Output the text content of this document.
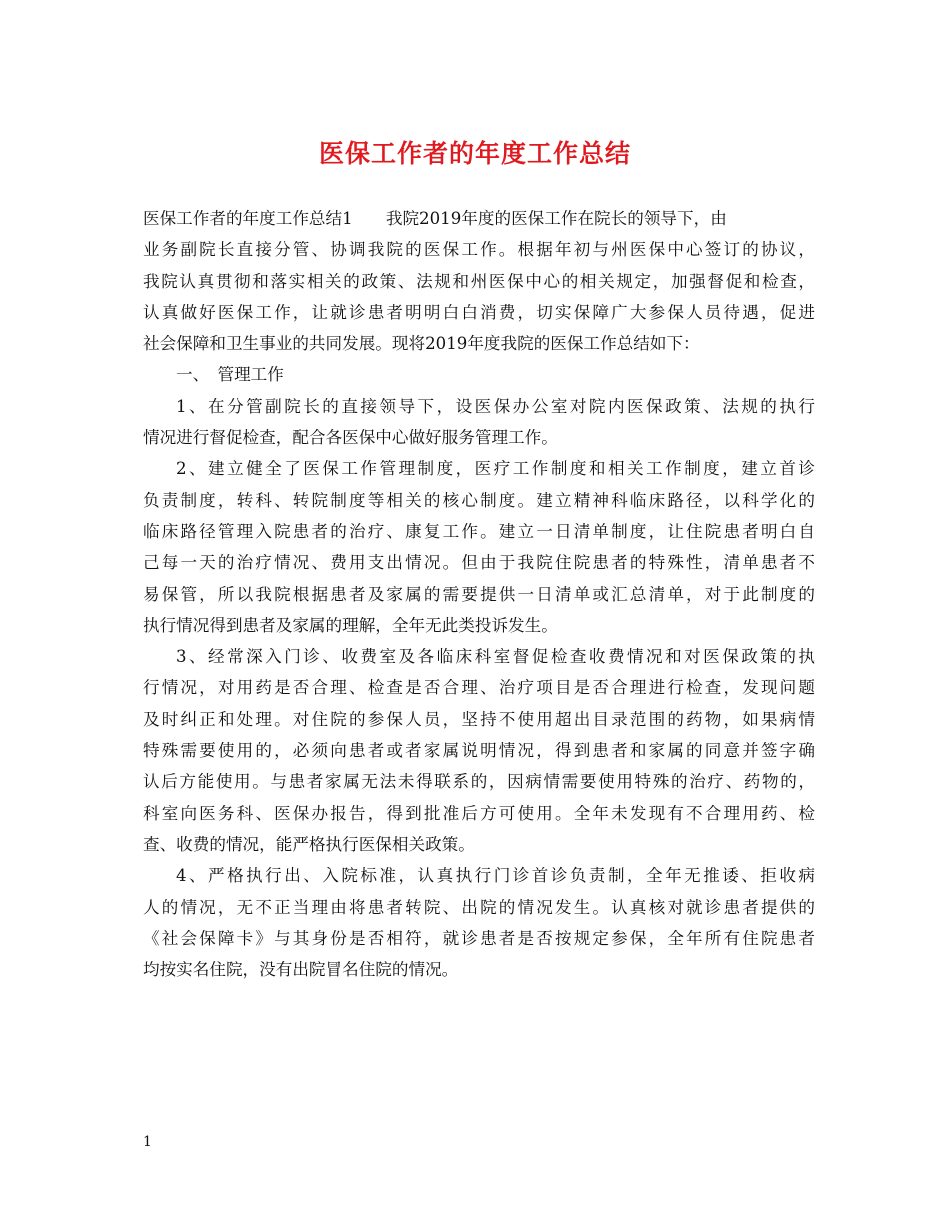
医保工作者的年度工作总结
医保工作者的年度工作总结1　　我院2019年度的医保工作在院长的领导下，由
业务副院长直接分管、协调我院的医保工作。根据年初与州医保中心签订的协议，
我院认真贯彻和落实相关的政策、法规和州医保中心的相关规定，加强督促和检查，
认真做好医保工作，让就诊患者明明白白消费，切实保障广大参保人员待遇，促进
社会保障和卫生事业的共同发展。现将2019年度我院的医保工作总结如下：
一、　管理工作
1、在分管副院长的直接领导下，设医保办公室对院内医保政策、法规的执行
情况进行督促检查，配合各医保中心做好服务管理工作。
2、建立健全了医保工作管理制度，医疗工作制度和相关工作制度，建立首诊
负责制度，转科、转院制度等相关的核心制度。建立精神科临床路径，以科学化的
临床路径管理入院患者的治疗、康复工作。建立一日清单制度，让住院患者明白自
己每一天的治疗情况、费用支出情况。但由于我院住院患者的特殊性，清单患者不
易保管，所以我院根据患者及家属的需要提供一日清单或汇总清单，对于此制度的
执行情况得到患者及家属的理解，全年无此类投诉发生。
3、经常深入门诊、收费室及各临床科室督促检查收费情况和对医保政策的执
行情况，对用药是否合理、检查是否合理、治疗项目是否合理进行检查，发现问题
及时纠正和处理。对住院的参保人员，坚持不使用超出目录范围的药物，如果病情
特殊需要使用的，必须向患者或者家属说明情况，得到患者和家属的同意并签字确
认后方能使用。与患者家属无法未得联系的，因病情需要使用特殊的治疗、药物的，
科室向医务科、医保办报告，得到批准后方可使用。全年未发现有不合理用药、检
查、收费的情况，能严格执行医保相关政策。
4、严格执行出、入院标准，认真执行门诊首诊负责制，全年无推诿、拒收病
人的情况，无不正当理由将患者转院、出院的情况发生。认真核对就诊患者提供的
《社会保障卡》与其身份是否相符，就诊患者是否按规定参保，全年所有住院患者
均按实名住院，没有出院冒名住院的情况。
1
